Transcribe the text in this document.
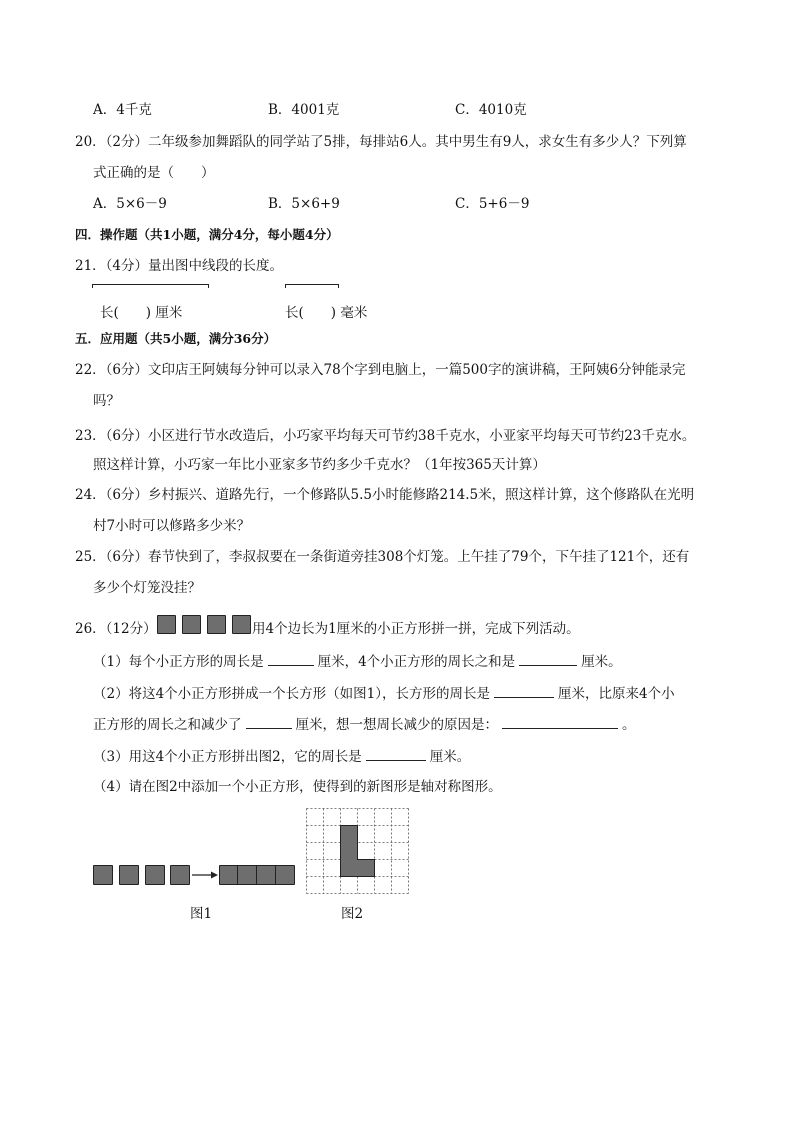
A．4千克	B．4001克	C．4010克
20．（2分）二年级参加舞蹈队的同学站了5排，每排站6人。其中男生有9人，求女生有多少人？下列算
式正确的是（　　）
A．5×6－9	B．5×6+9	C．5+6－9
四．操作题（共1小题，满分4分，每小题4分）
21．（4分）量出图中线段的长度。
长(　　) 厘米	长(　　) 毫米
五．应用题（共5小题，满分36分）
22．（6分）文印店王阿姨每分钟可以录入78个字到电脑上，一篇500字的演讲稿，王阿姨6分钟能录完
吗？
23．（6分）小区进行节水改造后，小巧家平均每天可节约38千克水，小亚家平均每天可节约23千克水。
照这样计算，小巧家一年比小亚家多节约多少千克水？（1年按365天计算）
24．（6分）乡村振兴、道路先行，一个修路队5.5小时能修路214.5米，照这样计算，这个修路队在光明
村7小时可以修路多少米？
25．（6分）春节快到了，李叔叔要在一条街道旁挂308个灯笼。上午挂了79个，下午挂了121个，还有
多少个灯笼没挂？
26．（12分）	用4个边长为1厘米的小正方形拼一拼，完成下列活动。
（1）每个小正方形的周长是	厘米，4个小正方形的周长之和是	厘米。
（2）将这4个小正方形拼成一个长方形（如图1），长方形的周长是	厘米，比原来4个小
正方形的周长之和减少了	厘米，想一想周长减少的原因是：	。
（3）用这4个小正方形拼出图2，它的周长是	厘米。
（4）请在图2中添加一个小正方形，使得到的新图形是轴对称图形。
图1	图2
